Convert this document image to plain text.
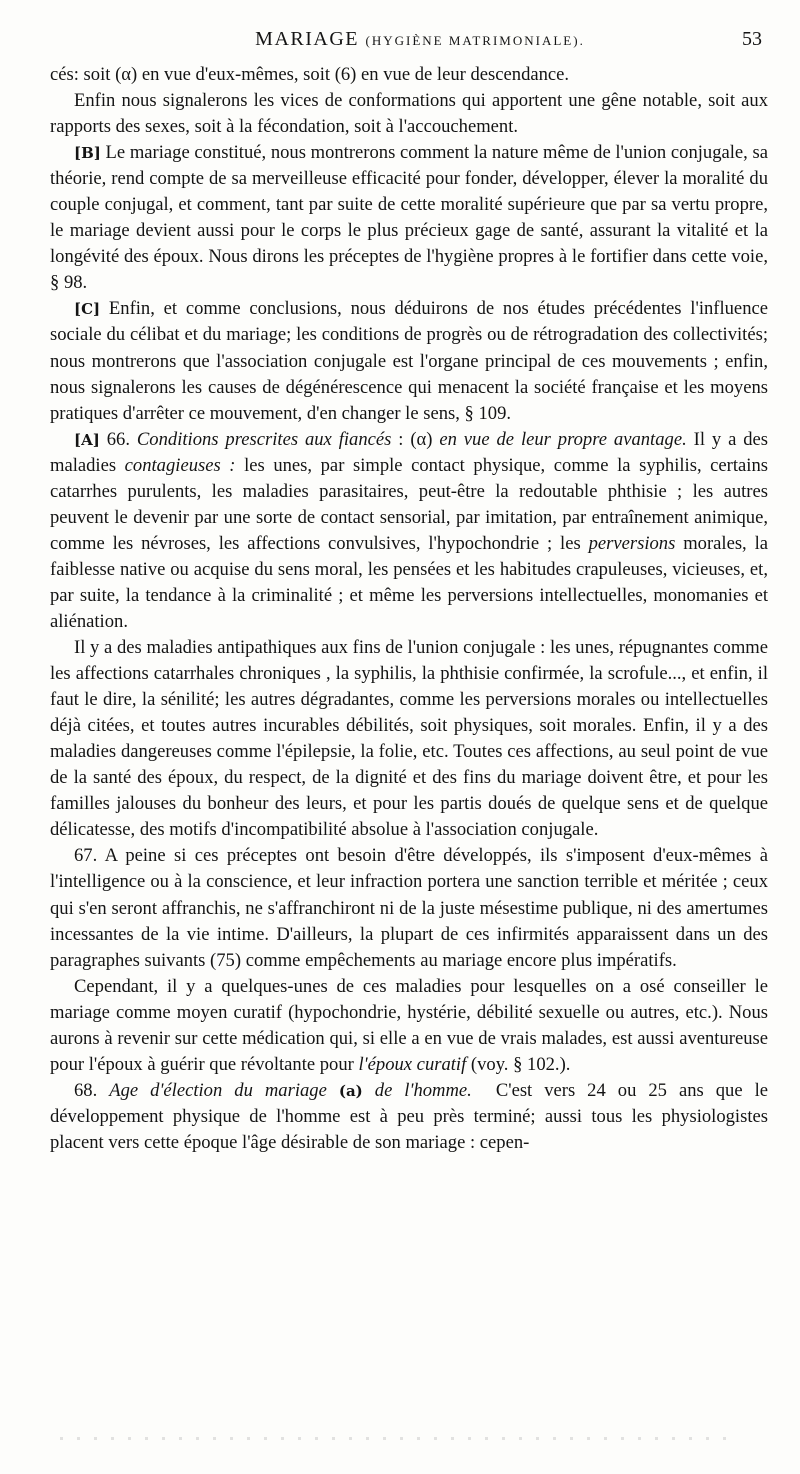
MARIAGE (HYGIÈNE MATRIMONIALE).	53

cés: soit (α) en vue d'eux-mêmes, soit (6) en vue de leur descendance.

Enfin nous signalerons les vices de conformations qui apportent une gêne notable, soit aux rapports des sexes, soit à la fécondation, soit à l'accouchement.

[B] Le mariage constitué, nous montrerons comment la nature même de l'union conjugale, sa théorie, rend compte de sa merveilleuse efficacité pour fonder, développer, élever la moralité du couple conjugal, et comment, tant par suite de cette moralité supérieure que par sa vertu propre, le mariage devient aussi pour le corps le plus précieux gage de santé, assurant la vitalité et la longévité des époux. Nous dirons les préceptes de l'hygiène propres à le fortifier dans cette voie, § 98.

[C] Enfin, et comme conclusions, nous déduirons de nos études précédentes l'influence sociale du célibat et du mariage; les conditions de progrès ou de rétrogradation des collectivités; nous montrerons que l'association conjugale est l'organe principal de ces mouvements ; enfin, nous signalerons les causes de dégénérescence qui menacent la société française et les moyens pratiques d'arrêter ce mouvement, d'en changer le sens, § 109.

[A] 66. Conditions prescrites aux fiancés : (α) en vue de leur propre avantage. Il y a des maladies contagieuses : les unes, par simple contact physique, comme la syphilis, certains catarrhes purulents, les maladies parasitaires, peut-être la redoutable phthisie ; les autres peuvent le devenir par une sorte de contact sensorial, par imitation, par entraînement animique, comme les névroses, les affections convulsives, l'hypochondrie ; les perversions morales, la faiblesse native ou acquise du sens moral, les pensées et les habitudes crapuleuses, vicieuses, et, par suite, la tendance à la criminalité ; et même les perversions intellectuelles, monomanies et aliénation.

Il y a des maladies antipathiques aux fins de l'union conjugale : les unes, répugnantes comme les affections catarrhales chroniques , la syphilis, la phthisie confirmée, la scrofule..., et enfin, il faut le dire, la sénilité; les autres dégradantes, comme les perversions morales ou intellectuelles déjà citées, et toutes autres incurables débilités, soit physiques, soit morales. Enfin, il y a des maladies dangereuses comme l'épilepsie, la folie, etc. Toutes ces affections, au seul point de vue de la santé des époux, du respect, de la dignité et des fins du mariage doivent être, et pour les familles jalouses du bonheur des leurs, et pour les partis doués de quelque sens et de quelque délicatesse, des motifs d'incompatibilité absolue à l'association conjugale.

67. A peine si ces préceptes ont besoin d'être développés, ils s'imposent d'eux-mêmes à l'intelligence ou à la conscience, et leur infraction portera une sanction terrible et méritée ; ceux qui s'en seront affranchis, ne s'affranchiront ni de la juste mésestime publique, ni des amertumes incessantes de la vie intime. D'ailleurs, la plupart de ces infirmités apparaissent dans un des paragraphes suivants (75) comme empêchements au mariage encore plus impératifs.

Cependant, il y a quelques-unes de ces maladies pour lesquelles on a osé conseiller le mariage comme moyen curatif (hypochondrie, hystérie, débilité sexuelle ou autres, etc.). Nous aurons à revenir sur cette médication qui, si elle a en vue de vrais malades, est aussi aventureuse pour l'époux à guérir que révoltante pour l'époux curatif (voy. § 102.).

68. Age d'élection du mariage (a) de l'homme. C'est vers 24 ou 25 ans que le développement physique de l'homme est à peu près terminé; aussi tous les physiologistes placent vers cette époque l'âge désirable de son mariage : cepen-
